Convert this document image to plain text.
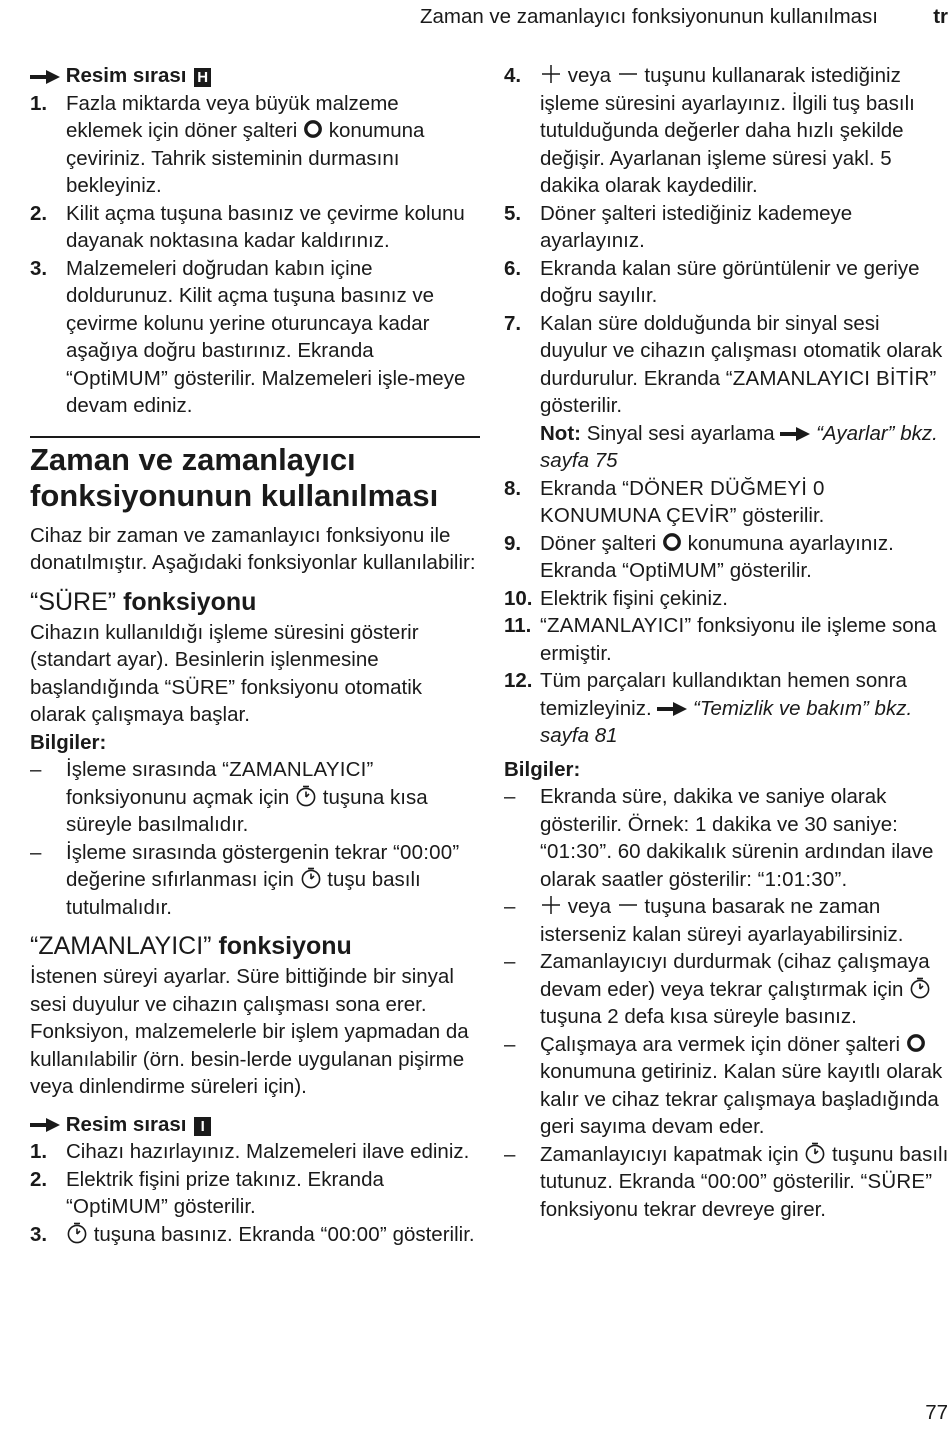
Zaman ve zamanlayıcı fonksiyonunun kullanılması	tr

Resim sırası H

1. Fazla miktarda veya büyük malzeme eklemek için döner şalteri konumuna çeviriniz. Tahrik sisteminin durmasını bekleyiniz.
2. Kilit açma tuşuna basınız ve çevirme kolunu dayanak noktasına kadar kaldırınız.
3. Malzemeleri doğrudan kabın içine doldurunuz. Kilit açma tuşuna basınız ve çevirme kolunu yerine oturuncaya kadar aşağıya doğru bastırınız. Ekranda “OptiMUM” gösterilir. Malzemeleri işle-meye devam ediniz.
Zaman ve zamanlayıcı fonksiyonunun kullanılması

Cihaz bir zaman ve zamanlayıcı fonksiyonu ile donatılmıştır. Aşağıdaki fonksiyonlar kullanılabilir:

“SÜRE” fonksiyonu

Cihazın kullanıldığı işleme süresini gösterir (standart ayar). Besinlerin işlenmesine başlandığında “SÜRE” fonksiyonu otomatik olarak çalışmaya başlar.

Bilgiler:

– İşleme sırasında “ZAMANLAYICI” fonksiyonunu açmak için tuşuna kısa süreyle basılmalıdır.
– İşleme sırasında göstergenin tekrar “00:00” değerine sıfırlanması için tuşu basılı tutulmalıdır.
“ZAMANLAYICI” fonksiyonu

İstenen süreyi ayarlar. Süre bittiğinde bir sinyal sesi duyulur ve cihazın çalışması sona erer. Fonksiyon, malzemelerle bir işlem yapmadan da kullanılabilir (örn. besin-lerde uygulanan pişirme veya dinlendirme süreleri için).

Resim sırası I

1. Cihazı hazırlayınız. Malzemeleri ilave ediniz.
2. Elektrik fişini prize takınız. Ekranda “OptiMUM” gösterilir.
3. tuşuna basınız. Ekranda “00:00” gösterilir.
4. veya tuşunu kullanarak istediğiniz işleme süresini ayarlayınız. İlgili tuş basılı tutulduğunda değerler daha hızlı şekilde değişir. Ayarlanan işleme süresi yakl. 5 dakika olarak kaydedilir.
5. Döner şalteri istediğiniz kademeye ayarlayınız.
6. Ekranda kalan süre görüntülenir ve geriye doğru sayılır.
7. Kalan süre dolduğunda bir sinyal sesi duyulur ve cihazın çalışması otomatik olarak durdurulur. Ekranda “ZAMANLAYICI BİTİR” gösterilir.
Not: Sinyal sesi ayarlama “Ayarlar” bkz. sayfa 75
8. Ekranda “DÖNER DÜĞMEYİ 0 KONUMUNA ÇEVİR” gösterilir.
9. Döner şalteri konumuna ayarlayınız. Ekranda “OptiMUM” gösterilir.
10. Elektrik fişini çekiniz.
11. “ZAMANLAYICI” fonksiyonu ile işleme sona ermiştir.
12. Tüm parçaları kullandıktan hemen sonra temizleyiniz. “Temizlik ve bakım” bkz. sayfa 81

Bilgiler:

– Ekranda süre, dakika ve saniye olarak gösterilir. Örnek: 1 dakika ve 30 saniye: “01:30”. 60 dakikalık sürenin ardından ilave olarak saatler gösterilir: “1:01:30”.
–	veya tuşuna basarak ne zaman isterseniz kalan süreyi ayarlayabilirsiniz.
– Zamanlayıcıyı durdurmak (cihaz çalışmaya devam eder) veya tekrar çalıştırmak için  tuşuna 2 defa kısa süreyle basınız.
– Çalışmaya ara vermek için döner şalteri  konumuna getiriniz. Kalan süre kayıtlı olarak kalır ve cihaz tekrar çalışmaya başladığında geri sayıma devam eder.
– Zamanlayıcıyı kapatmak için tuşunu basılı tutunuz. Ekranda “00:00” gösterilir. “SÜRE” fonksiyonu tekrar devreye girer.
77
